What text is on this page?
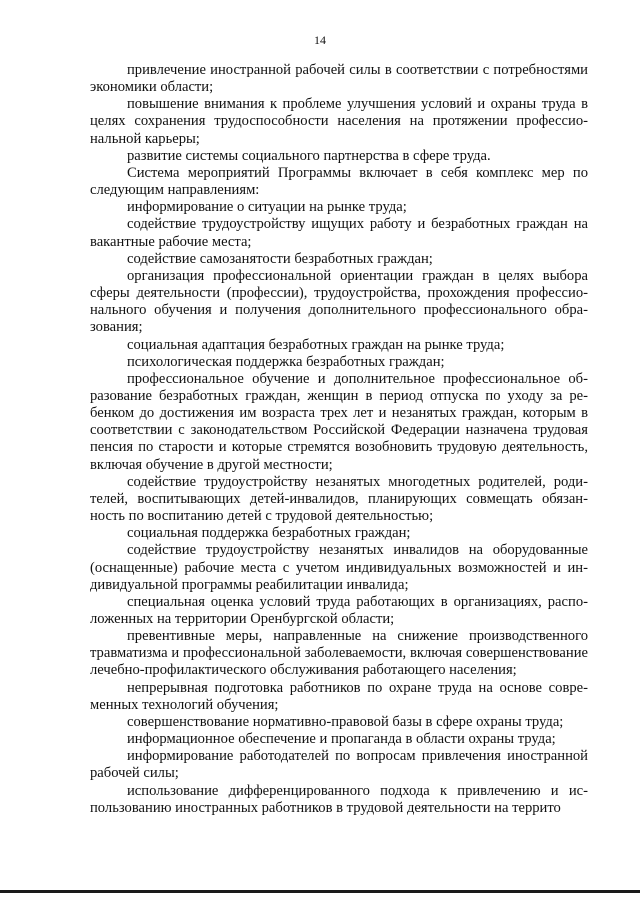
14

привлечение иностранной рабочей силы в соответствии с потребностями экономики области;

повышение внимания к проблеме улучшения условий и охраны труда в целях сохранения трудоспособности населения на протяжении профессиональной карьеры;

развитие системы социального партнерства в сфере труда.

Система мероприятий Программы включает в себя комплекс мер по следующим направлениям:

информирование о ситуации на рынке труда;

содействие трудоустройству ищущих работу и безработных граждан на вакантные рабочие места;

содействие самозанятости безработных граждан;

организация профессиональной ориентации граждан в целях выбора сферы деятельности (профессии), трудоустройства, прохождения профессионального обучения и получения дополнительного профессионального образования;

социальная адаптация безработных граждан на рынке труда;

психологическая поддержка безработных граждан;

профессиональное обучение и дополнительное профессиональное образование безработных граждан, женщин в период отпуска по уходу за ребенком до достижения им возраста трех лет и незанятых граждан, которым в соответствии с законодательством Российской Федерации назначена трудовая пенсия по старости и которые стремятся возобновить трудовую деятельность, включая обучение в другой местности;

содействие трудоустройству незанятых многодетных родителей, родителей, воспитывающих детей-инвалидов, планирующих совмещать обязанность по воспитанию детей с трудовой деятельностью;

социальная поддержка безработных граждан;

содействие трудоустройству незанятых инвалидов на оборудованные (оснащенные) рабочие места с учетом индивидуальных возможностей и индивидуальной программы реабилитации инвалида;

специальная оценка условий труда работающих в организациях, расположенных на территории Оренбургской области;

превентивные меры, направленные на снижение производственного травматизма и профессиональной заболеваемости, включая совершенствование лечебно-профилактического обслуживания работающего населения;

непрерывная подготовка работников по охране труда на основе современных технологий обучения;

совершенствование нормативно-правовой базы в сфере охраны труда;

информационное обеспечение и пропаганда в области охраны труда;

информирование работодателей по вопросам привлечения иностранной рабочей силы;

использование дифференцированного подхода к привлечению и использованию иностранных работников в трудовой деятельности на террито
